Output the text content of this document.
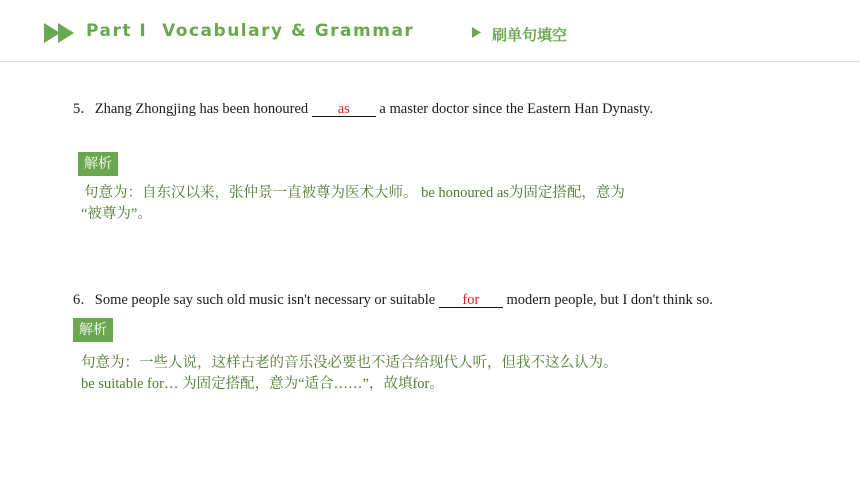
Part Ⅰ  Vocabulary & Grammar	刷单句填空
5．Zhang Zhongjing has been honoured as a master doctor since the Eastern Han Dynasty.
解析
句意为：自东汉以来，张仲景一直被尊为医术大师。 be honoured as为固定搭配，意为
“被尊为”。
6．Some people say such old music isn't necessary or suitable for modern people, but I don't think so.
解析
句意为：一些人说，这样古老的音乐没必要也不适合给现代人听，但我不这么认为。
be suitable for… 为固定搭配，意为“适合……”，故填for。
